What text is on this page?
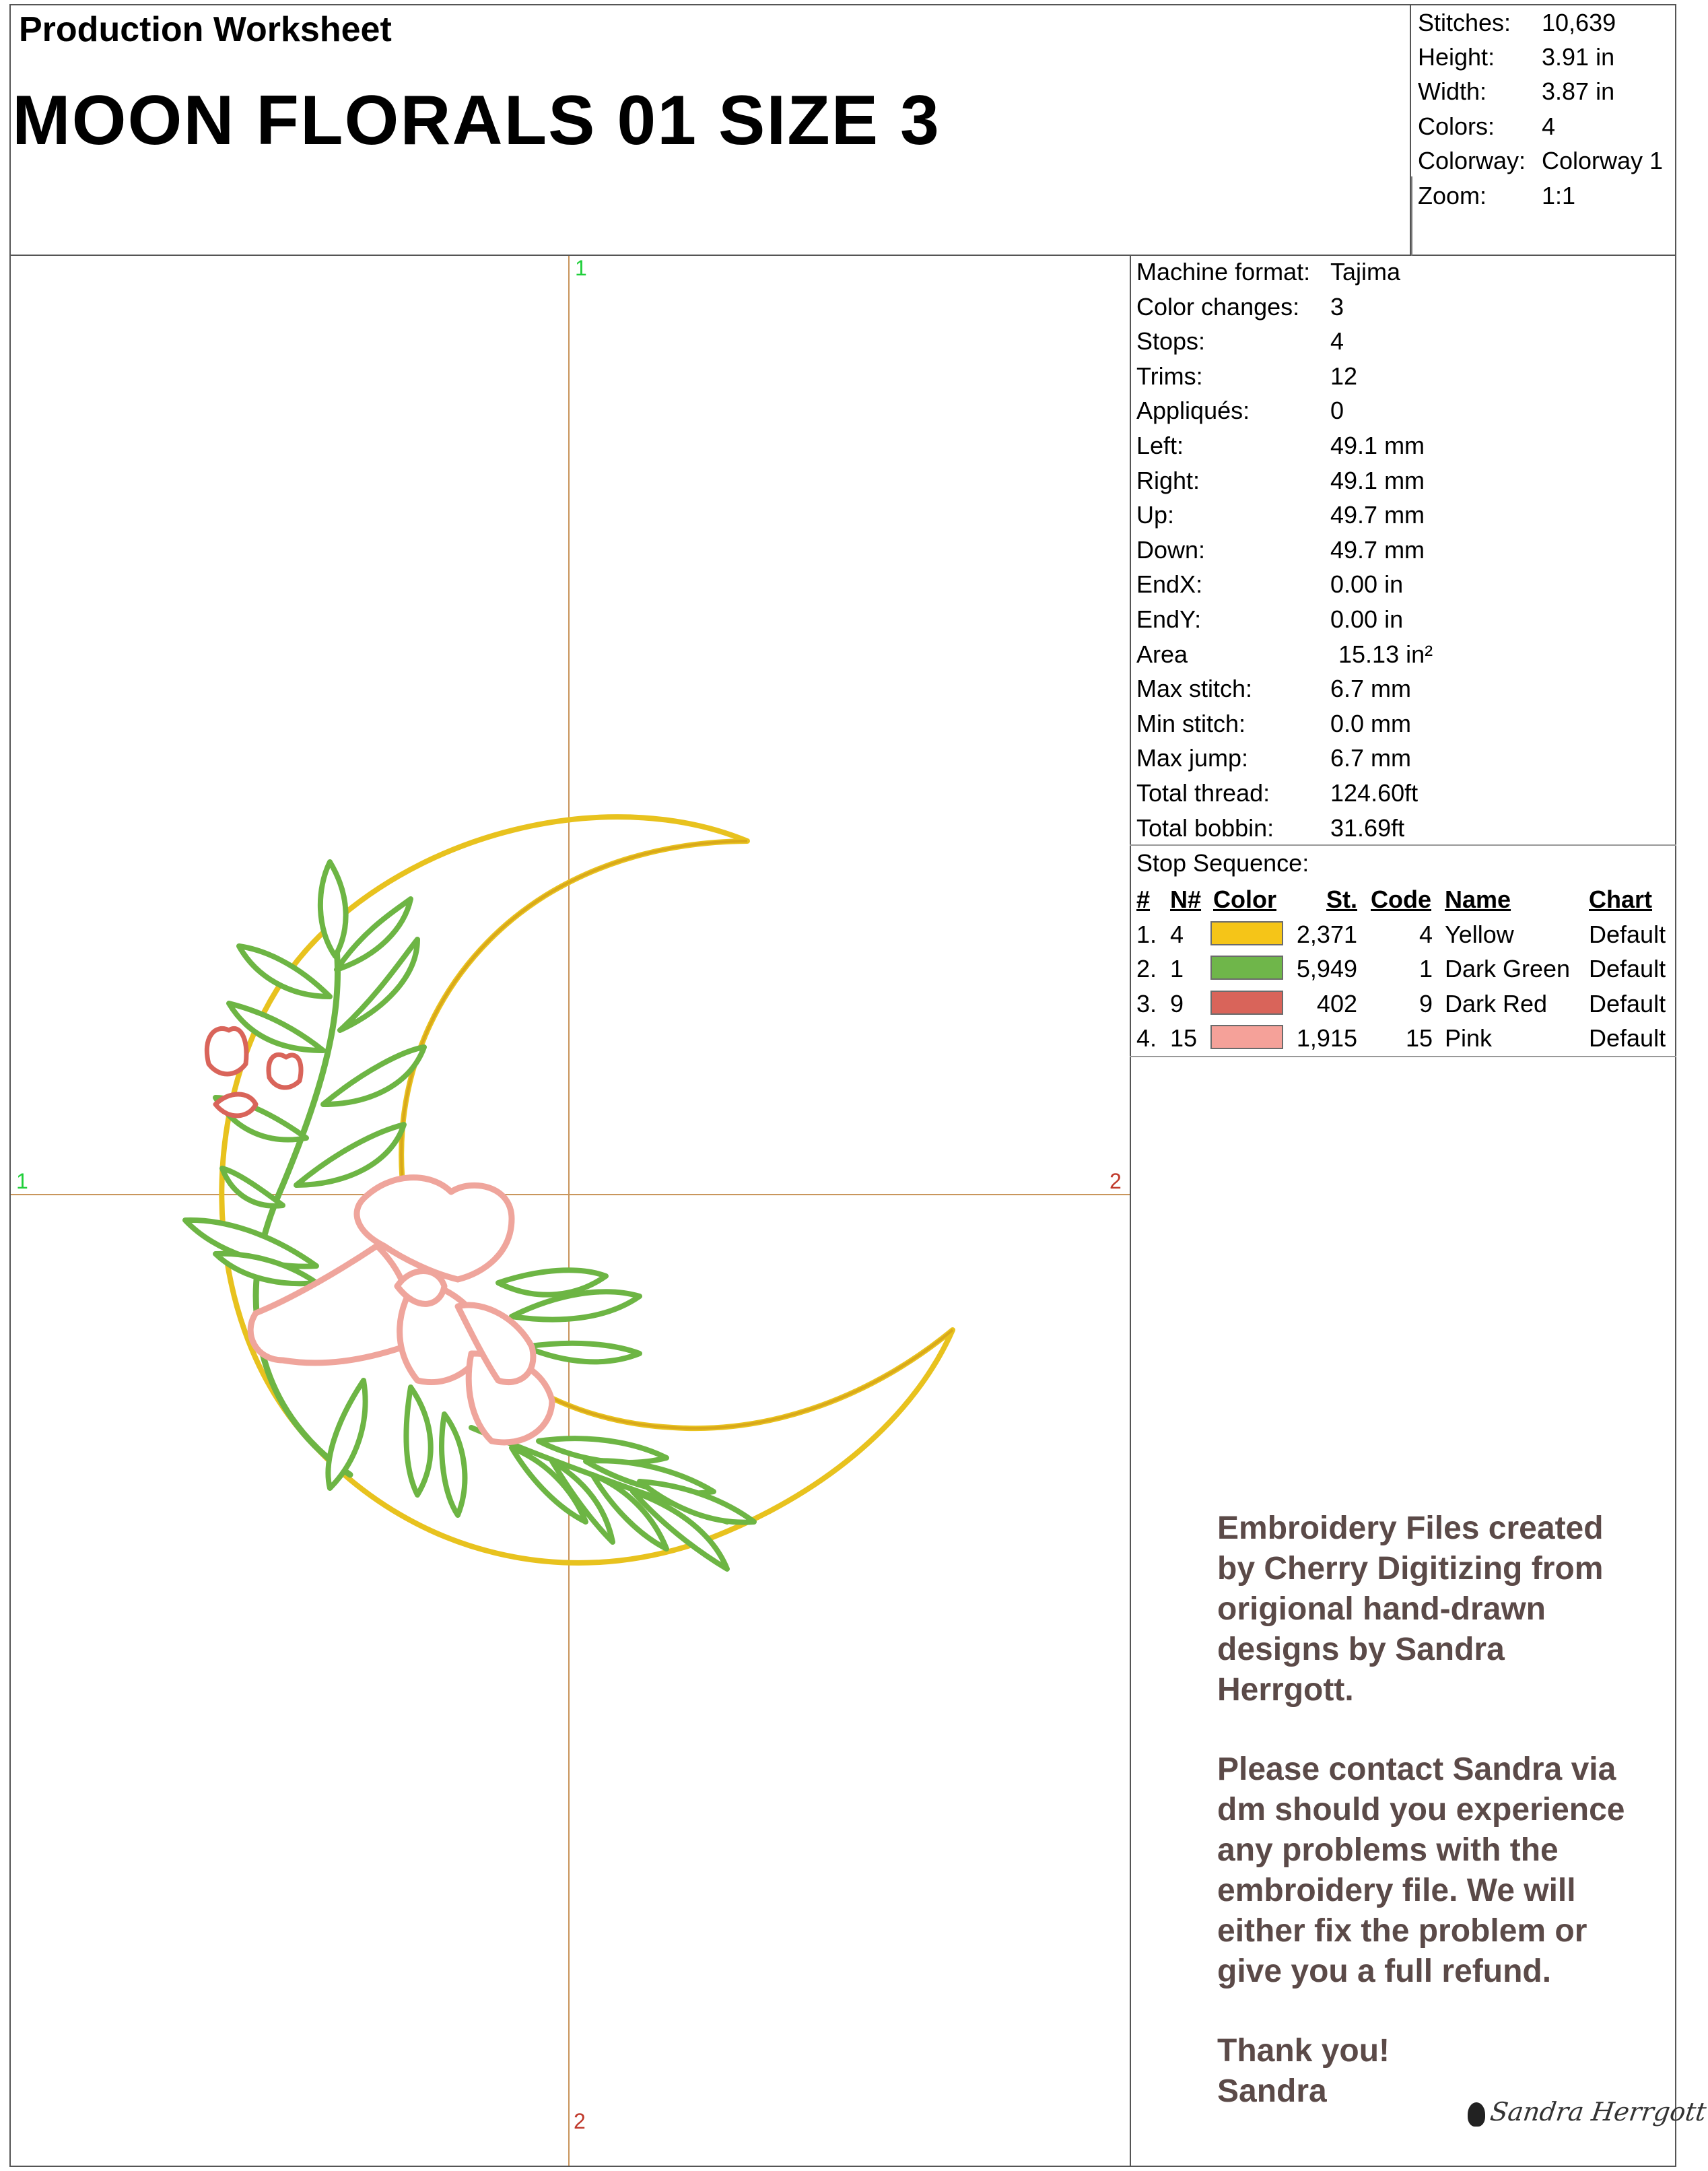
Production Worksheet
MOON FLORALS 01 SIZE 3
Stitches: 10,639
Height: 3.91 in
Width: 3.87 in
Colors: 4
Colorway: Colorway 1
Zoom: 1:1
Machine format: Tajima
Color changes: 3
Stops:	4
Trims:	12
Appliqués:	0
Left:	49.1 mm
Right:	49.1 mm
Up:	49.7 mm
Down:	49.7 mm
EndX:	0.00 in
EndY:	0.00 in
Area	15.13 in²
Max stitch:	6.7 mm
Min stitch:	0.0 mm
Max jump:	6.7 mm
Total thread: 124.60ft
Total bobbin: 31.69ft
Stop Sequence:
# N# Color	St. Code Name	Chart
1. 4	2,371	4 Yellow	Default
2. 1	5,949	1 Dark Green Default
3. 9	402	9 Dark Red Default
4. 15	1,915	15 Pink	Default
1
2
1	2

Embroidery Files created by Cherry Digitizing from origional hand-drawn designs by Sandra Herrgott.

Please contact Sandra via dm should you experience any problems with the embroidery file. We will either fix the problem or give you a full refund.

Thank you!
Sandra

Sandra Herrgott
